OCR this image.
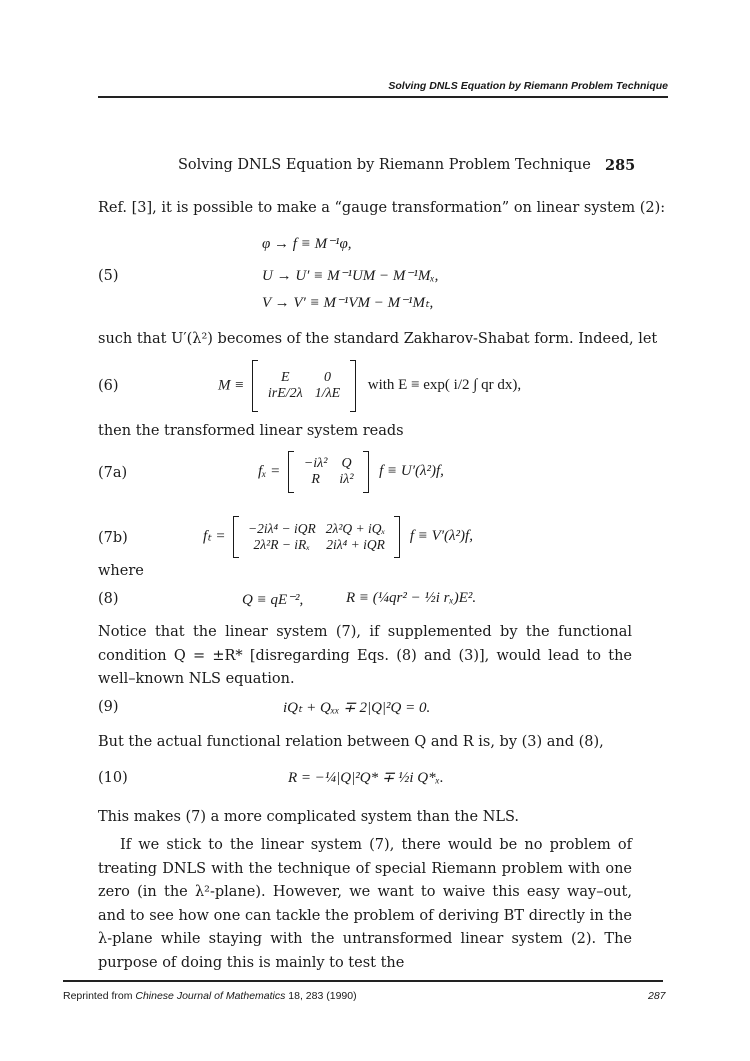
Solving DNLS Equation by Riemann Problem Technique
Solving DNLS Equation by Riemann Problem Technique 285
Ref. [3], it is possible to make a “gauge transformation” on linear system (2):
(5)
φ → f ≡ M⁻¹φ,
U → U′ ≡ M⁻¹UM − M⁻¹Mₓ,
V → V′ ≡ M⁻¹VM − M⁻¹Mₜ,
such that U′(λ²) becomes of the standard Zakharov-Shabat form. Indeed, let
(6)	M ≡	E	0
irE/2λ	1/λE
with E ≡ exp( i/2 ∫ qr dx),
then the transformed linear system reads
(7a)	fₓ = −iλ²	Q
R	iλ²
f ≡ U′(λ²)f,
(7b)	fₜ = −2iλ⁴ − iQR	2λ²Q + iQₓ
2λ²R − iRₓ	2iλ⁴ + iQR
f ≡ V′(λ²)f,
where
(8)	Q ≡ qE⁻²,	R ≡ (¼qr² − ½i rₓ)E².

Notice that the linear system (7), if supplemented by the functional condition Q = ±R* [disregarding Eqs. (8) and (3)], would lead to the well–known NLS equation.

(9)	iQₜ + Qₓₓ ∓ 2|Q|²Q = 0.
But the actual functional relation between Q and R is, by (3) and (8),
(10)	R = −¼|Q|²Q* ∓ ½i Q*ₓ.
This makes (7) a more complicated system than the NLS.

If we stick to the linear system (7), there would be no problem of treating DNLS with the technique of special Riemann problem with one zero (in the λ²-plane). However, we want to waive this easy way–out, and to see how one can tackle the problem of deriving BT directly in the λ-plane while staying with the untransformed linear system (2). The purpose of doing this is mainly to test the

Reprinted from Chinese Journal of Mathematics 18, 283 (1990)	287
